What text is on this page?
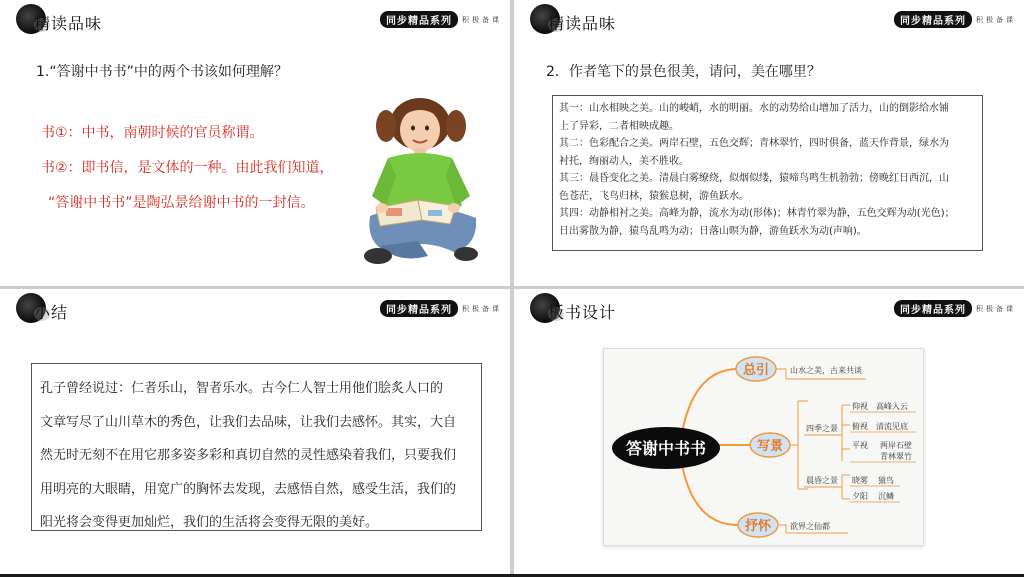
精读品味	同步精品系列	积极备课
1.“答谢中书书”中的两个书该如何理解？
书①：中书，南朝时候的官员称谓。
书②：即书信，是文体的一种。由此我们知道，
“答谢中书书”是陶弘景给谢中书的一封信。
精读品味	同步精品系列	积极备课
2．作者笔下的景色很美，请问，美在哪里？

其一：山水相映之美。山的峻峭，水的明丽。水的动势给山增加了活力，山的倒影给水铺

上了异彩，二者相映成趣。

其二：色彩配合之美。两岸石壁，五色交辉；青林翠竹，四时俱备，蓝天作背景，绿水为

衬托，绚丽动人，美不胜收。

其三：晨昏变化之美。清晨白雾缭绕，似烟似缕，猿啼鸟鸣生机勃勃；傍晚红日西沉，山

色苍茫，飞鸟归林，猿猴息树，游鱼跃水。

其四：动静相衬之美。高峰为静，流水为动(形体)；林青竹翠为静，五色交辉为动(光色)；

日出雾散为静，猿鸟乱鸣为动；日落山暝为静，游鱼跃水为动(声响)。

小结	同步精品系列	积极备课

孔子曾经说过：仁者乐山，智者乐水。古今仁人智士用他们脍炙人口的

文章写尽了山川草木的秀色，让我们去品味，让我们去感怀。其实，大自

然无时无刻不在用它那多姿多彩和真切自然的灵性感染着我们，只要我们

用明亮的大眼睛，用宽广的胸怀去发现，去感悟自然，感受生活，我们的

阳光将会变得更加灿烂，我们的生活将会变得无限的美好。

板书设计	同步精品系列	积极备课
答谢中书书
总引	山水之美，古来共谈
写景
四季之景
仰视 高峰入云
俯视 清流见底
平视 两岸石壁
青林翠竹
晨昏之景 晓雾 猿鸟
夕阳 沉鳞
抒怀 欲界之仙都
